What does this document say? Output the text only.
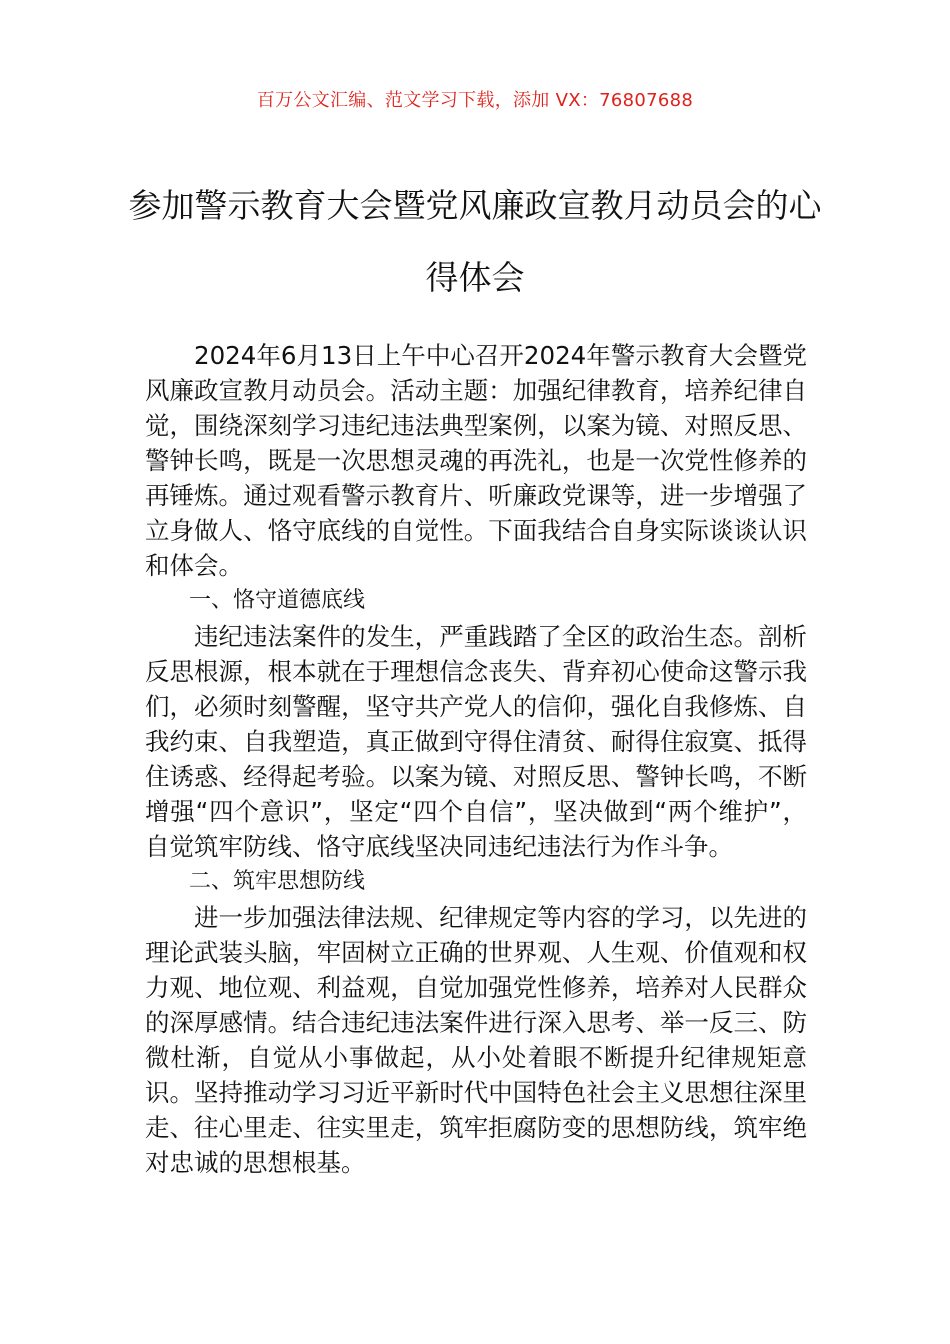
百万公文汇编、范文学习下载，添加 VX：76807688
参加警示教育大会暨党风廉政宣教月动员会的心得体会

2024年6月13日上午中心召开2024年警示教育大会暨党风廉政宣教月动员会。活动主题：加强纪律教育，培养纪律自觉，围绕深刻学习违纪违法典型案例，以案为镜、对照反思、警钟长鸣，既是一次思想灵魂的再洗礼，也是一次党性修养的再锤炼。通过观看警示教育片、听廉政党课等，进一步增强了立身做人、恪守底线的自觉性。下面我结合自身实际谈谈认识和体会。

一、恪守道德底线

违纪违法案件的发生，严重践踏了全区的政治生态。剖析反思根源，根本就在于理想信念丧失、背弃初心使命这警示我们，必须时刻警醒，坚守共产党人的信仰，强化自我修炼、自我约束、自我塑造，真正做到守得住清贫、耐得住寂寞、抵得住诱惑、经得起考验。以案为镜、对照反思、警钟长鸣，不断增强“四个意识”，坚定“四个自信”，坚决做到“两个维护”，自觉筑牢防线、恪守底线坚决同违纪违法行为作斗争。

二、筑牢思想防线

进一步加强法律法规、纪律规定等内容的学习，以先进的理论武装头脑，牢固树立正确的世界观、人生观、价值观和权力观、地位观、利益观，自觉加强党性修养，培养对人民群众的深厚感情。结合违纪违法案件进行深入思考、举一反三、防微杜渐，自觉从小事做起，从小处着眼不断提升纪律规矩意识。坚持推动学习习近平新时代中国特色社会主义思想往深里走、往心里走、往实里走，筑牢拒腐防变的思想防线，筑牢绝对忠诚的思想根基。
